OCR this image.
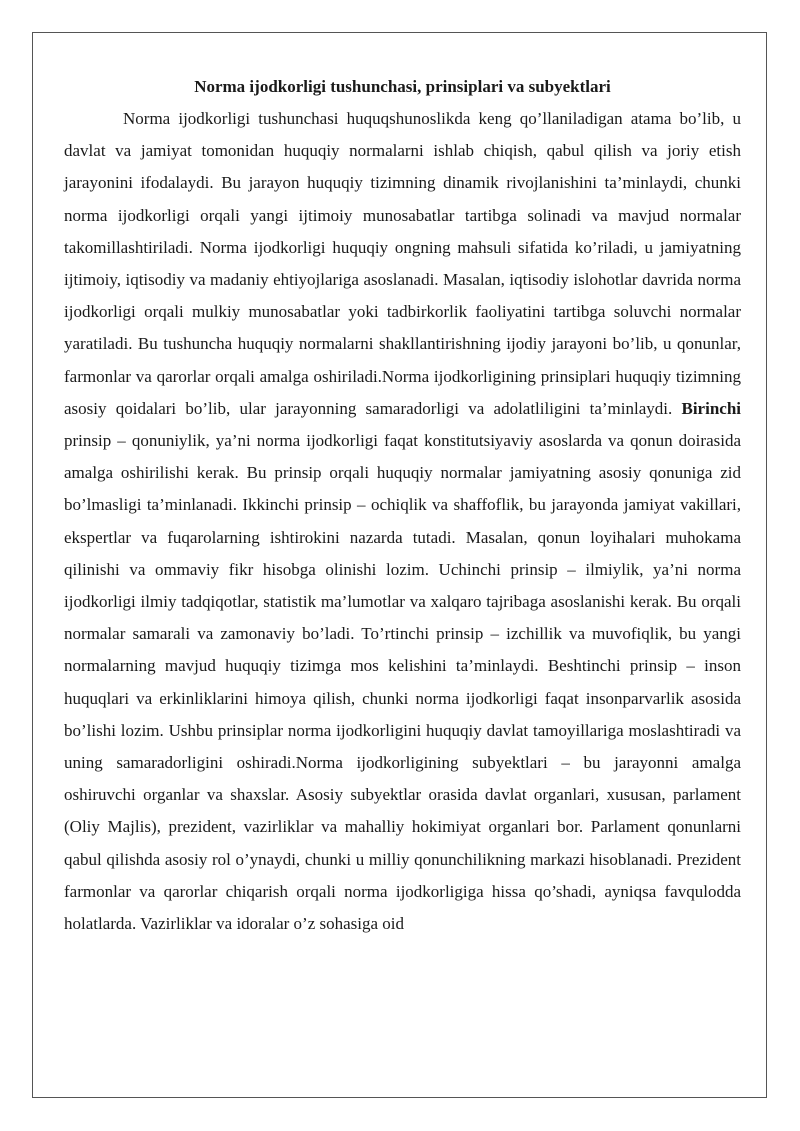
Norma ijodkorligi tushunchasi, prinsiplari va subyektlari

Norma ijodkorligi tushunchasi huquqshunoslikda keng qo’llaniladigan atama bo’lib, u davlat va jamiyat tomonidan huquqiy normalarni ishlab chiqish, qabul qilish va joriy etish jarayonini ifodalaydi. Bu jarayon huquqiy tizimning dinamik rivojlanishini ta’minlaydi, chunki norma ijodkorligi orqali yangi ijtimoiy munosabatlar tartibga solinadi va mavjud normalar takomillashtiriladi. Norma ijodkorligi huquqiy ongning mahsuli sifatida ko’riladi, u jamiyatning ijtimoiy, iqtisodiy va madaniy ehtiyojlariga asoslanadi. Masalan, iqtisodiy islohotlar davrida norma ijodkorligi orqali mulkiy munosabatlar yoki tadbirkorlik faoliyatini tartibga soluvchi normalar yaratiladi. Bu tushuncha huquqiy normalarni shakllantirishning ijodiy jarayoni bo’lib, u qonunlar, farmonlar va qarorlar orqali amalga oshiriladi.Norma ijodkorligining prinsiplari huquqiy tizimning asosiy qoidalari bo’lib, ular jarayonning samaradorligi va adolatliligini ta’minlaydi. Birinchi prinsip – qonuniylik, ya’ni norma ijodkorligi faqat konstitutsiyaviy asoslarda va qonun doirasida amalga oshirilishi kerak. Bu prinsip orqali huquqiy normalar jamiyatning asosiy qonuniga zid bo’lmasligi ta’minlanadi. Ikkinchi prinsip – ochiqlik va shaffoflik, bu jarayonda jamiyat vakillari, ekspertlar va fuqarolarning ishtirokini nazarda tutadi. Masalan, qonun loyihalari muhokama qilinishi va ommaviy fikr hisobga olinishi lozim. Uchinchi prinsip – ilmiylik, ya’ni norma ijodkorligi ilmiy tadqiqotlar, statistik ma’lumotlar va xalqaro tajribaga asoslanishi kerak. Bu orqali normalar samarali va zamonaviy bo’ladi. To’rtinchi prinsip – izchillik va muvofiqlik, bu yangi normalarning mavjud huquqiy tizimga mos kelishini ta’minlaydi. Beshtinchi prinsip – inson huquqlari va erkinliklarini himoya qilish, chunki norma ijodkorligi faqat insonparvarlik asosida bo’lishi lozim. Ushbu prinsiplar norma ijodkorligini huquqiy davlat tamoyillariga moslashtiradi va uning samaradorligini oshiradi.Norma ijodkorligining subyektlari – bu jarayonni amalga oshiruvchi organlar va shaxslar. Asosiy subyektlar orasida davlat organlari, xususan, parlament (Oliy Majlis), prezident, vazirliklar va mahalliy hokimiyat organlari bor. Parlament qonunlarni qabul qilishda asosiy rol o’ynaydi, chunki u milliy qonunchilikning markazi hisoblanadi. Prezident farmonlar va qarorlar chiqarish orqali norma ijodkorligiga hissa qo’shadi, ayniqsa favqulodda holatlarda. Vazirliklar va idoralar o’z sohasiga oid
